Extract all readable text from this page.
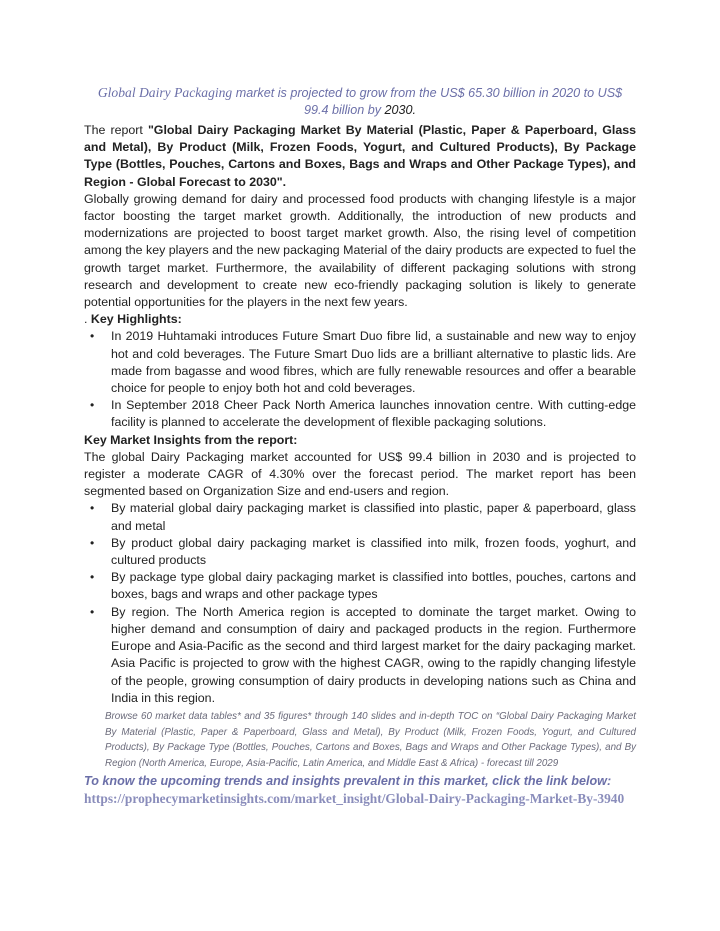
Global Dairy Packaging market is projected to grow from the US$ 65.30 billion in 2020 to US$ 99.4 billion by 2030.

The report "Global Dairy Packaging Market By Material (Plastic, Paper & Paperboard, Glass and Metal), By Product (Milk, Frozen Foods, Yogurt, and Cultured Products), By Package Type (Bottles, Pouches, Cartons and Boxes, Bags and Wraps and Other Package Types), and Region - Global Forecast to 2030".

Globally growing demand for dairy and processed food products with changing lifestyle is a major factor boosting the target market growth. Additionally, the introduction of new products and modernizations are projected to boost target market growth. Also, the rising level of competition among the key players and the new packaging Material of the dairy products are expected to fuel the growth target market. Furthermore, the availability of different packaging solutions with strong research and development to create new eco-friendly packaging solution is likely to generate potential opportunities for the players in the next few years.

. Key Highlights:

• In 2019 Huhtamaki introduces Future Smart Duo fibre lid, a sustainable and new way to enjoy hot and cold beverages. The Future Smart Duo lids are a brilliant alternative to plastic lids. Are made from bagasse and wood fibres, which are fully renewable resources and offer a bearable choice for people to enjoy both hot and cold beverages.
• In September 2018 Cheer Pack North America launches innovation centre. With cutting-edge facility is planned to accelerate the development of flexible packaging solutions.

Key Market Insights from the report:

The global Dairy Packaging market accounted for US$ 99.4 billion in 2030 and is projected to register a moderate CAGR of 4.30% over the forecast period. The market report has been segmented based on Organization Size and end-users and region.

• By material global dairy packaging market is classified into plastic, paper & paperboard, glass and metal
• By product global dairy packaging market is classified into milk, frozen foods, yoghurt, and cultured products
• By package type global dairy packaging market is classified into bottles, pouches, cartons and boxes, bags and wraps and other package types
• By region. The North America region is accepted to dominate the target market. Owing to higher demand and consumption of dairy and packaged products in the region. Furthermore Europe and Asia-Pacific as the second and third largest market for the dairy packaging market. Asia Pacific is projected to grow with the highest CAGR, owing to the rapidly changing lifestyle of the people, growing consumption of dairy products in developing nations such as China and India in this region.

Browse 60 market data tables* and 35 figures* through 140 slides and in-depth TOC on “Global Dairy Packaging Market By Material (Plastic, Paper & Paperboard, Glass and Metal), By Product (Milk, Frozen Foods, Yogurt, and Cultured Products), By Package Type (Bottles, Pouches, Cartons and Boxes, Bags and Wraps and Other Package Types), and By Region (North America, Europe, Asia-Pacific, Latin America, and Middle East & Africa) - forecast till 2029

To know the upcoming trends and insights prevalent in this market, click the link below:

https://prophecymarketinsights.com/market_insight/Global-Dairy-Packaging-Market-By-3940
